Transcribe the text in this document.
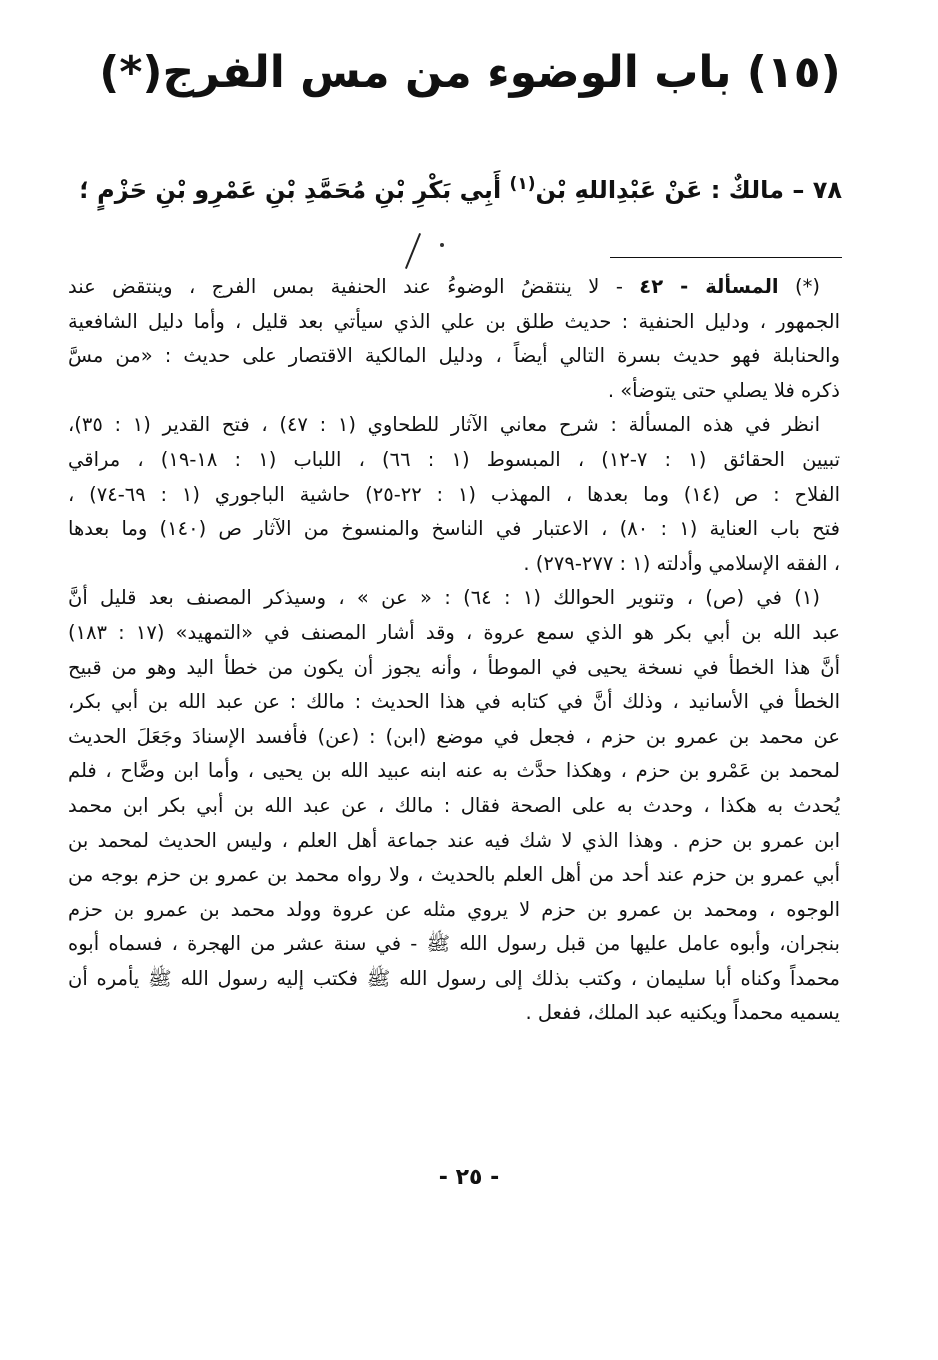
(١٥) باب الوضوء من مس الفرج(*)
٧٨ – مالكٌ : عَنْ عَبْدِاللهِ بْن$^{(١)}$ أَبِي بَكْرِ بْنِ مُحَمَّدِ بْنِ عَمْرِو بْنِ حَزْمٍ ؛
(*) المسألة - ٤٢ - لا ينتقضُ الوضوءُ عند الحنفية بمس الفرج ، وينتقض عند
الجمهور ، ودليل الحنفية : حديث طلق بن علي الذي سيأتي بعد قليل ، وأما دليل الشافعية
والحنابلة فهو حديث بسرة التالي أيضاً ، ودليل المالكية الاقتصار على حديث : «من مسَّ
ذكره فلا يصلي حتى يتوضأ» .
انظر في هذه المسألة : شرح معاني الآثار للطحاوي (١ : ٤٧) ، فتح القدير (١ : ٣٥)،
تبيين الحقائق (١ : ٧-١٢) ، المبسوط (١ : ٦٦) ، اللباب (١ : ١٨-١٩) ، مراقي
الفلاح : ص (١٤) وما بعدها ، المهذب (١ : ٢٢-٢٥) حاشية الباجوري (١ : ٦٩-٧٤) ،
فتح باب العناية (١ : ٨٠) ، الاعتبار في الناسخ والمنسوخ من الآثار ص (١٤٠) وما بعدها
، الفقه الإسلامي وأدلته (١ : ٢٧٧-٢٧٩) .
(١) في (ص) ، وتنوير الحوالك (١ : ٦٤) : « عن » ، وسيذكر المصنف بعد قليل أنَّ
عبد الله بن أبي بكر هو الذي سمع عروة ، وقد أشار المصنف في «التمهيد» (١٧ : ١٨٣)
أنَّ هذا الخطأ في نسخة يحيى في الموطأ ، وأنه يجوز أن يكون من خطأ اليد وهو من قبيح
الخطأ في الأسانيد ، وذلك أنَّ في كتابه في هذا الحديث : مالك : عن عبد الله بن أبي بكر،
عن محمد بن عمرو بن حزم ، فجعل في موضع (ابن) : (عن) فأفسد الإسنادَ وجَعَلَ الحديث
لمحمد بن عَمْرو بن حزم ، وهكذا حدَّث به عنه ابنه عبيد الله بن يحيى ، وأما ابن وضَّاح ، فلم
يُحدث به هكذا ، وحدث به على الصحة فقال : مالك ، عن عبد الله بن أبي بكر ابن محمد
ابن عمرو بن حزم . وهذا الذي لا شك فيه عند جماعة أهل العلم ، وليس الحديث لمحمد بن
أبي عمرو بن حزم عند أحد من أهل العلم بالحديث ، ولا رواه محمد بن عمرو بن حزم بوجه من
الوجوه ، ومحمد بن عمرو بن حزم لا يروي مثله عن عروة وولد محمد بن عمرو بن حزم
بنجران، وأبوه عامل عليها من قبل رسول الله ﷺ - في سنة عشر من الهجرة ، فسماه أبوه
محمداً وكناه أبا سليمان ، وكتب بذلك إلى رسول الله ﷺ فكتب إليه رسول الله ﷺ يأمره أن
يسميه محمداً ويكنيه عبد الملك، ففعل .
- ٢٥ -
